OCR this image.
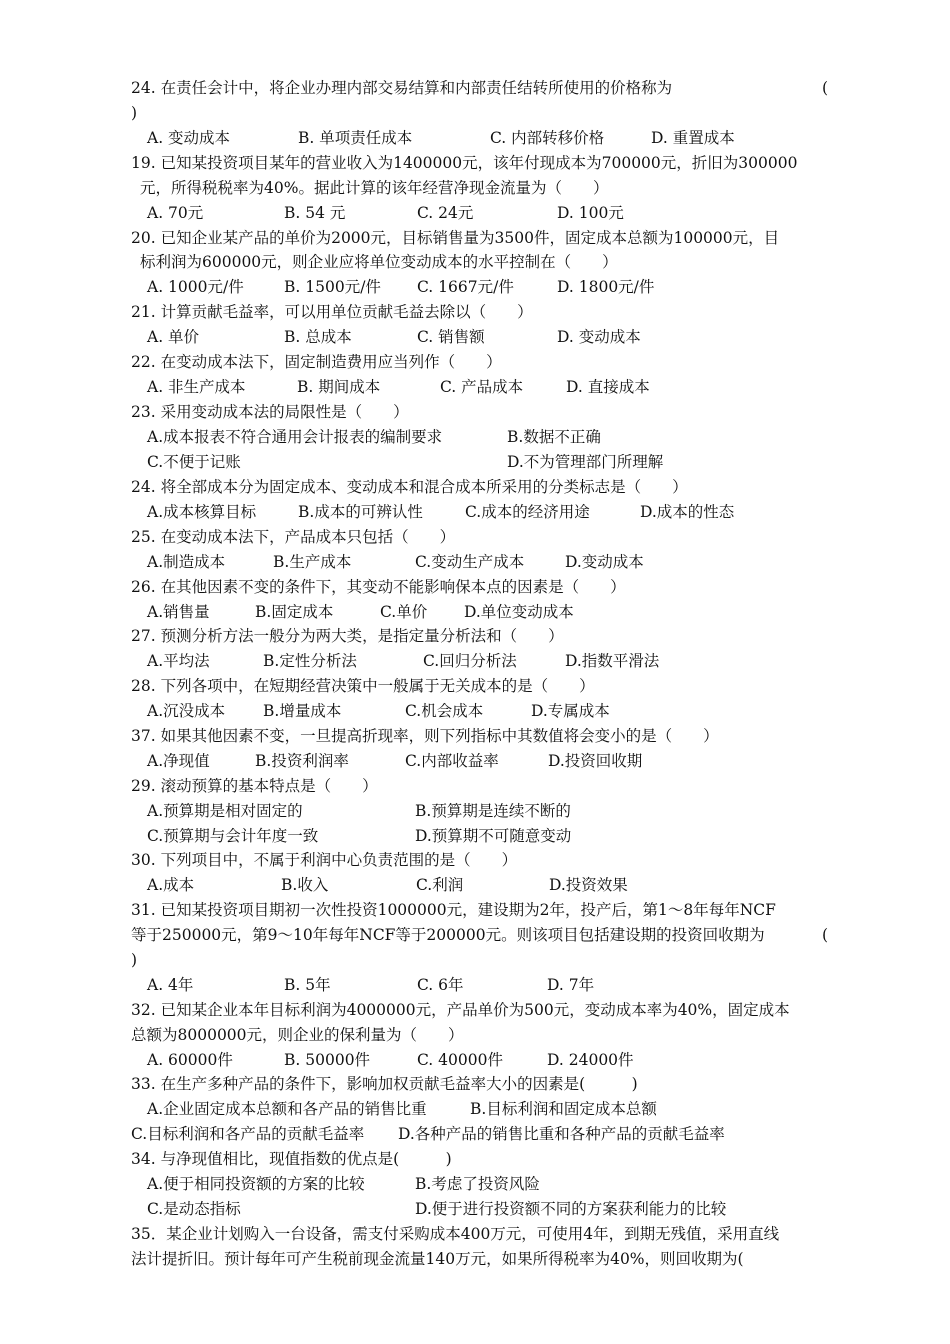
24. 在责任会计中，将企业办理内部交易结算和内部责任结转所使用的价格称为	(
)
A. 变动成本	B. 单项责任成本	C. 内部转移价格	D. 重置成本
19. 已知某投资项目某年的营业收入为1400000元，该年付现成本为700000元，折旧为300000
元，所得税税率为40%。据此计算的该年经营净现金流量为（　　）
A. 70元	B. 54 元	C. 24元	D. 100元
20. 已知企业某产品的单价为2000元，目标销售量为3500件，固定成本总额为100000元，目
标利润为600000元，则企业应将单位变动成本的水平控制在（　　）
A. 1000元/件	B. 1500元/件 C. 1667元/件	D. 1800元/件
21. 计算贡献毛益率，可以用单位贡献毛益去除以（　　）
A. 单价	B. 总成本	C. 销售额	D. 变动成本
22. 在变动成本法下，固定制造费用应当列作（　　）
A. 非生产成本	B. 期间成本	C. 产品成本	D. 直接成本
23. 采用变动成本法的局限性是（　　）
A.成本报表不符合通用会计报表的编制要求	B.数据不正确
C.不便于记账	D.不为管理部门所理解
24. 将全部成本分为固定成本、变动成本和混合成本所采用的分类标志是（　　）
A.成本核算目标	B.成本的可辨认性	C.成本的经济用途	D.成本的性态
25. 在变动成本法下，产品成本只包括（　　）
A.制造成本	B.生产成本	C.变动生产成本	D.变动成本
26. 在其他因素不变的条件下，其变动不能影响保本点的因素是（　　）
A.销售量	B.固定成本	C.单价 D.单位变动成本
27. 预测分析方法一般分为两大类，是指定量分析法和（　　）
A.平均法	B.定性分析法	C.回归分析法	D.指数平滑法
28. 下列各项中，在短期经营决策中一般属于无关成本的是（　　）
A.沉没成本 B.增量成本	C.机会成本	D.专属成本
37. 如果其他因素不变，一旦提高折现率，则下列指标中其数值将会变小的是（　　）
A.净现值	B.投资利润率	C.内部收益率	D.投资回收期
29. 滚动预算的基本特点是（　　）
A.预算期是相对固定的	B.预算期是连续不断的
C.预算期与会计年度一致	D.预算期不可随意变动
30. 下列项目中，不属于利润中心负责范围的是（　　）
A.成本	B.收入	C.利润	D.投资效果
31. 已知某投资项目期初一次性投资1000000元，建设期为2年，投产后，第1～8年每年NCF
等于250000元，第9～10年每年NCF等于200000元。则该项目包括建设期的投资回收期为	(
)
A. 4年	B. 5年	C. 6年	D. 7年
32. 已知某企业本年目标利润为4000000元，产品单价为500元，变动成本率为40%，固定成本
总额为8000000元，则企业的保利量为（　　）
A. 60000件	B. 50000件	C. 40000件	D. 24000件
33. 在生产多种产品的条件下，影响加权贡献毛益率大小的因素是(　　　)
A.企业固定成本总额和各产品的销售比重	B.目标利润和固定成本总额
C.目标利润和各产品的贡献毛益率 D.各种产品的销售比重和各种产品的贡献毛益率
34. 与净现值相比，现值指数的优点是(　　　)
A.便于相同投资额的方案的比较	B.考虑了投资风险
C.是动态指标	D.便于进行投资额不同的方案获利能力的比较
35．某企业计划购入一台设备，需支付采购成本400万元，可使用4年，到期无残值，采用直线
法计提折旧。预计每年可产生税前现金流量140万元，如果所得税率为40%，则回收期为(
